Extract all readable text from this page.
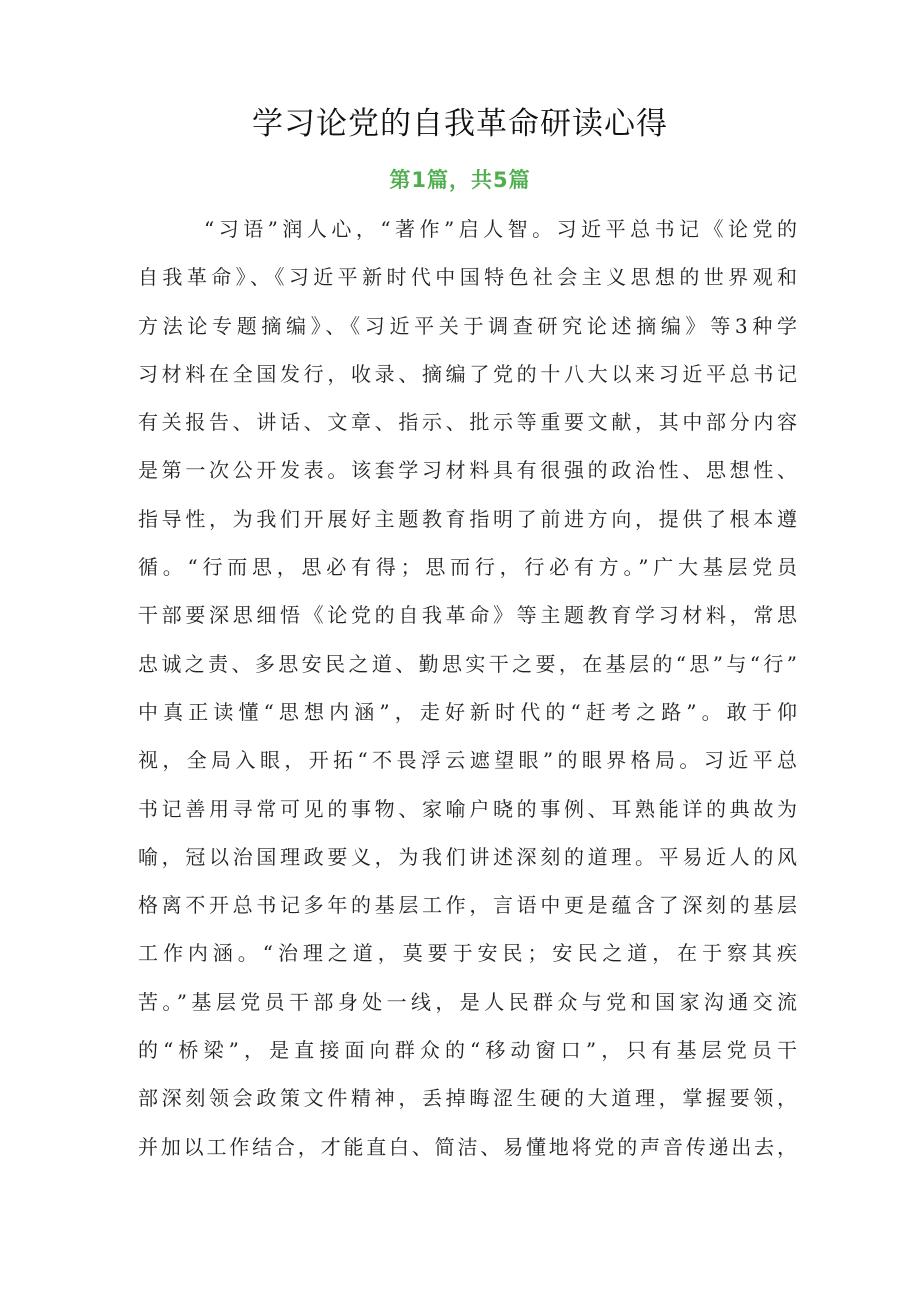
学习论党的自我革命研读心得
第1篇，共5篇
“习语”润人心，“著作”启人智。习近平总书记《论党的
自我革命》、《习近平新时代中国特色社会主义思想的世界观和
方法论专题摘编》、《习近平关于调查研究论述摘编》等3种学
习材料在全国发行，收录、摘编了党的十八大以来习近平总书记
有关报告、讲话、文章、指示、批示等重要文献，其中部分内容
是第一次公开发表。该套学习材料具有很强的政治性、思想性、
指导性，为我们开展好主题教育指明了前进方向，提供了根本遵
循。“行而思，思必有得；思而行，行必有方。”广大基层党员
干部要深思细悟《论党的自我革命》等主题教育学习材料，常思
忠诚之责、多思安民之道、勤思实干之要，在基层的“思”与“行”
中真正读懂“思想内涵”，走好新时代的“赶考之路”。敢于仰
视，全局入眼，开拓“不畏浮云遮望眼”的眼界格局。习近平总
书记善用寻常可见的事物、家喻户晓的事例、耳熟能详的典故为
喻，冠以治国理政要义，为我们讲述深刻的道理。平易近人的风
格离不开总书记多年的基层工作，言语中更是蕴含了深刻的基层
工作内涵。“治理之道，莫要于安民；安民之道，在于察其疾
苦。”基层党员干部身处一线，是人民群众与党和国家沟通交流
的“桥梁”，是直接面向群众的“移动窗口”，只有基层党员干
部深刻领会政策文件精神，丢掉晦涩生硬的大道理，掌握要领，
并加以工作结合，才能直白、简洁、易懂地将党的声音传递出去，
